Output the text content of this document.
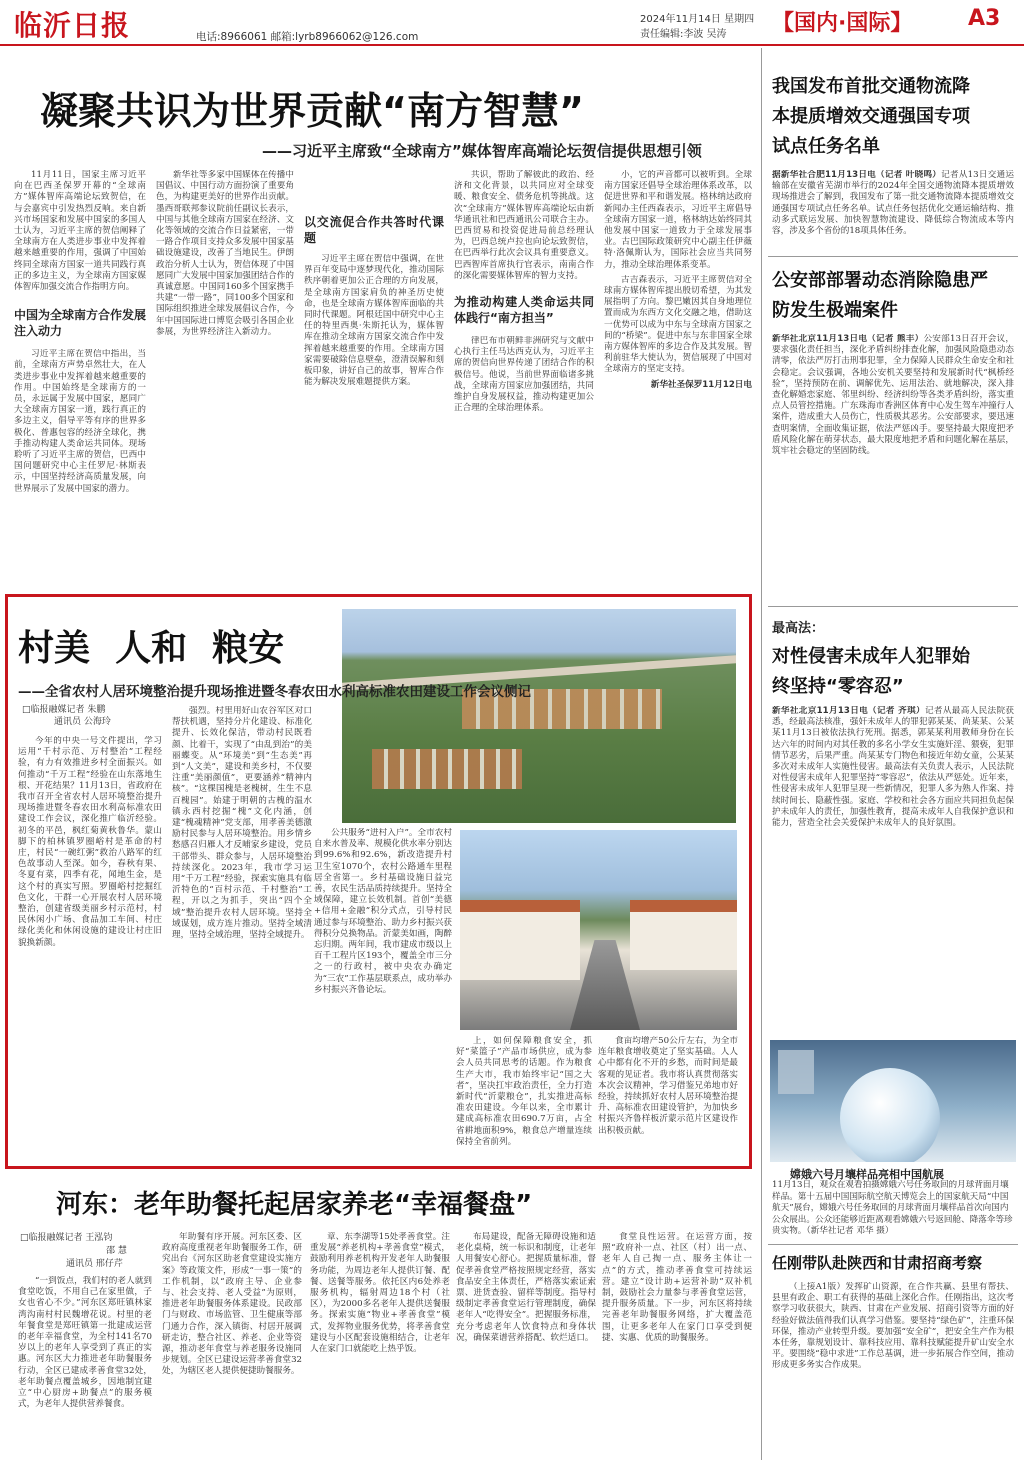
临沂日报	电话:8966061 邮箱:lyrb8966062@126.com
2024年11月14日 星期四
责任编辑:李波 吴涛	【国内·国际】	A3
凝聚共识为世界贡献“南方智慧”
——习近平主席致“全球南方”媒体智库高端论坛贺信提供思想引领
11月11日，国家主席习近平向在巴西圣保罗开幕的“全球南方”媒体智库高端论坛致贺信，在与会嘉宾中引发热烈反响。来自新兴市场国家和发展中国家的多国人士认为，习近平主席的贺信阐释了全球南方在人类进步事业中发挥着越来越重要的作用，强调了中国始终同全球南方国家一道共同践行真正的多边主义，为全球南方国家媒体智库加强交流合作指明方向。
中国为全球南方合作发展注入动力
习近平主席在贺信中指出，当前，全球南方声势卓然壮大，在人类进步事业中发挥着越来越重要的作用。中国始终是全球南方的一员，永远属于发展中国家，愿同广大全球南方国家一道，践行真正的多边主义，倡导平等有序的世界多极化、普惠包容的经济全球化，携手推动构建人类命运共同体。现场聆听了习近平主席的贺信，巴西中国问题研究中心主任罗尼·林斯表示，中国坚持经济高质量发展，向世界展示了发展中国家的潜力。
新华社等多家中国媒体在传播中国倡议、中国行动方面扮演了重要角色，为构建更美好的世界作出贡献。墨西哥联邦参议院前任副议长表示，中国与其他全球南方国家在经济、文化等领域的交流合作日益紧密，一带一路合作项目支持众多发展中国家基础设施建设，改善了当地民生。伊朗政治分析人士认为，贺信体现了中国愿同广大发展中国家加强团结合作的真诚意愿。中国同160多个国家携手共建“一带一路”，同100多个国家和国际组织推进全球发展倡议合作，今年中国国际进口博览会吸引各国企业参展，为世界经济注入新动力。
以交流促合作共答时代课题
习近平主席在贺信中强调，在世界百年变局中逐梦现代化，推动国际秩序朝着更加公正合理的方向发展，是全球南方国家肩负的神圣历史使命，也是全球南方媒体智库面临的共同时代课题。阿根廷国中研究中心主任的特里西奥·朱斯托认为，媒体智库在推动全球南方国家交流合作中发挥着越来越重要的作用。全球南方国家需要破除信息壁垒，澄清误解和刻板印象，讲好自己的故事，智库合作能为解决发展难题提供方案。
共识，帮助了解彼此的政治、经济和文化背景，以共同应对全球变暖、粮食安全、债务危机等挑战。这次“全球南方”媒体智库高端论坛由新华通讯社和巴西通讯公司联合主办。巴西贸易和投资促进局前总经理认为，巴西总统卢拉也向论坛致贺信，在巴西举行此次会议具有重要意义。巴西智库首席执行官表示，南南合作的深化需要媒体智库的智力支持。
为推动构建人类命运共同体践行“南方担当”
律巴布市朝鲜非洲研究与文献中心执行主任马达西克认为，习近平主席的贺信向世界传递了团结合作的积极信号。他说，当前世界面临诸多挑战，全球南方国家应加强团结，共同维护自身发展权益，推动构建更加公正合理的全球治理体系。
小，它的声音都可以被听到。全球南方国家还倡导全球治理体系改革，以促进世界和平和谐发展。格林纳达政府新闻办主任西森表示，习近平主席倡导全球南方国家一道，格林纳达始终同其他发展中国家一道致力于全球发展事业。古巴国际政策研究中心副主任伊薇特·洛佩斯认为，国际社会应当共同努力，推动全球治理体系变革。
古吉森表示，习近平主席贺信对全球南方媒体智库提出殷切希望，为其发展指明了方向。黎巴嫩因其自身地理位置而成为东西方文化交融之地，借助这一优势可以成为中东与全球南方国家之间的“桥梁”。促进中东与东非国家全球南方媒体智库的多边合作及其发展。智利前驻华大使认为，贺信展现了中国对全球南方的坚定支持。
新华社圣保罗11月12日电
我国发布首批交通物流降本提质增效交通强国专项试点任务名单
据新华社合肥11月13日电（记者 叶晓鸣）记者从13日交通运输部在安徽省芜湖市举行的2024年全国交通物流降本提质增效现场推进会了解到，我国发布了第一批交通物流降本提质增效交通强国专项试点任务名单。试点任务包括优化交通运输结构、推动多式联运发展、加快智慧物流建设、降低综合物流成本等内容，涉及多个省份的18项具体任务。
公安部部署动态消除隐患严防发生极端案件
新华社北京11月13日电（记者 熊丰）公安部13日召开会议，要求强化责任担当，深化矛盾纠纷排查化解，加强风险隐患动态清零，依法严厉打击刑事犯罪，全力保障人民群众生命安全和社会稳定。会议强调，各地公安机关要坚持和发展新时代“枫桥经验”，坚持预防在前、调解优先、运用法治、就地解决，深入排查化解婚恋家庭、邻里纠纷、经济纠纷等各类矛盾纠纷，落实重点人员管控措施。广东珠海市香洲区体育中心发生驾车冲撞行人案件，造成重大人员伤亡，性质极其恶劣。公安部要求，要迅速查明案情，全面收集证据，依法严惩凶手。要坚持最大限度把矛盾风险化解在萌芽状态，最大限度地把矛盾和问题化解在基层，筑牢社会稳定的坚固防线。
最高法：
对性侵害未成年人犯罪始终坚持“零容忍”
新华社北京11月13日电（记者 齐琪）记者从最高人民法院获悉，经最高法核准，强奸未成年人的罪犯郭某某、尚某某、公某某11月13日被依法执行死刑。据悉，郭某某利用教师身份在长达六年的时间内对其任教的多名小学女生实施奸淫、猥亵，犯罪情节恶劣，后果严重。尚某某专门物色和接近年幼女童，公某某多次对未成年人实施性侵害。最高法有关负责人表示，人民法院对性侵害未成年人犯罪坚持“零容忍”，依法从严惩处。近年来，性侵害未成年人犯罪呈现一些新情况，犯罪人多为熟人作案、持续时间长、隐蔽性强。家庭、学校和社会各方面应共同担负起保护未成年人的责任，加强性教育，提高未成年人自我保护意识和能力，营造全社会关爱保护未成年人的良好氛围。
嫦娥六号月壤样品亮相中国航展
11月13日，观众在观看拍摄嫦娥六号任务取回的月球背面月壤样品。第十五届中国国际航空航天博览会上的国家航天局“中国航天”展台，嫦娥六号任务取回的月球背面月壤样品首次向国内公众展出。公众还能够近距离观看嫦娥六号返回舱、降落伞等珍贵实物。（新华社记者 邓华 摄）
任刚带队赴陕西和甘肃招商考察
（上接A1版）发挥矿山资源，在合作共赢、县里有帮扶、县里有政企、职工有获得的基础上深化合作。任刚指出，这次考察学习收获很大，陕西、甘肃在产业发展、招商引资等方面的好经验好做法值得我们认真学习借鉴。要坚持“绿色矿”，注重环保环保，推动产业转型升级。要加强“安全矿”，把安全生产作为根本任务，靠规划设计、靠科技应用、靠科技赋能提升矿山安全水平。要围绕“稳中求进”工作总基调，进一步拓展合作空间，推动形成更多务实合作成果。
村美  人和  粮安
——全省农村人居环境整治提升现场推进暨冬春农田水利高标准农田建设工作会议侧记
□临报融媒记者 朱鹏
通讯员 公海玲
今年的中央一号文件提出，学习运用“千村示范、万村整治”工程经验，有力有效推进乡村全面振兴。如何推动“千万工程”经验在山东落地生根、开花结果？11月13日，省政府在我市召开全省农村人居环境整治提升现场推进暨冬春农田水利高标准农田建设工作会议，深化推广临沂经验。初冬的平邑，枫红菊黄秋鲁华。蒙山脚下的柏林镇罗圈峪村是革命的村庄，村民“一碗红粥”救治八路军的红色故事动人至深。如今，春秋有果、冬夏有菜，四季有花，闻地生金，是这个村的真实写照。罗圈峪村挖掘红色文化，干群一心开展农村人居环境整治，创建省级美丽乡村示范村，村民休闲小广场、食品加工车间、村庄绿化美化和休闲设施的建设让村庄旧貌换新颜。
强烈。村里用好山农谷军区对口帮扶机遇，坚持分片化建设、标准化提升、长效化保洁，带动村民既看颜、比着干，实现了“由乱到治”的美丽蝶变。从“环境美”到“生态美”再到“人文美”，建设和美乡村，不仅要注重“美丽颜值”，更要涵养“精神内核”。“这棵国槐是老槐树，生生不息百槐园”。始建于明朝的古槐的温水镇永西村挖掘“槐”文化内涵，创建“槐魂精神”党支部，用孝善美德激励村民参与人居环境整治。用乡情乡愁感召归雁人才反哺家乡建设，党员干部带头、群众参与，人居环境整治持续深化。2023年，我市学习运用“千万工程”经验，探索实施具有临沂特色的“百村示范、千村整治”工程，开以之为抓手，突出“四个全域”整治提升农村人居环境。坚持全域谋划，成方连片推动。坚持全域清理，坚持全域治理，坚持全域提升。
公共服务“进村入户”。全市农村自来水普及率、规模化供水率分别达到99.6%和92.6%，新改造提升村卫生室1070个，农村公路通车里程居全省第一。乡村基础设施日益完善，农民生活品质持续提升。坚持全域保障，建立长效机制。首创“美德+信用+金融”积分式点，引导村民通过参与环境整治、助力乡村振兴获得积分兑换物品。沂蒙美如画，陶醉忘归期。两年间，我市建成市级以上百千工程片区193个，覆盖全市三分之一的行政村，被中央农办确定为“三农”工作基层联系点，成功举办乡村振兴齐鲁论坛。
上，如何保障粮食安全，抓好“菜篮子”产品市场供应，成为参会人员共同思考的话题。作为粮食生产大市，我市始终牢记“国之大者”，坚决扛牢政治责任，全力打造新时代“沂蒙粮仓”，扎实推进高标准农田建设。今年以来，全市累计建成高标准农田690.7万亩，占全省耕地面积9%，粮食总产增量连续保持全省前列。
食亩均增产50公斤左右，为全市连年粮食增收奠定了坚实基础。人人心中都有化不开的乡愁，而时间是最客观的见证者。我市将认真贯彻落实本次会议精神，学习借鉴兄弟地市好经验，持续抓好农村人居环境整治提升、高标准农田建设管护，为加快乡村振兴齐鲁样板沂蒙示范片区建设作出积极贡献。
河东：老年助餐托起居家养老“幸福餐盘”
□临报融媒记者 王泓钧
邵 慧
通讯员 邢仔芹
“一到饭点，我们村的老人就到食堂吃饭，不用自己在家里做，子女也省心不少。”河东区郑旺镇林家湾沟南村村民魏增花说。村里的老年餐食堂是郑旺镇第一批建成运营的老年幸福食堂，为全村141名70岁以上的老年人享受到了真正的实惠。河东区大力推进老年助餐服务行动，全区已建成孝善食堂32处，老年助餐点覆盖城乡，因地制宜建立“中心厨房+助餐点”的服务模式，为老年人提供营养餐食。
年助餐有序开展。河东区委、区政府高度重视老年助餐服务工作，研究出台《河东区助老食堂建设实施方案》等政策文件，形成“一事一策”的工作机制，以“政府主导、企业参与、社会支持、老人受益”为原则，推进老年助餐服务体系建设。民政部门与财政、市场监管、卫生健康等部门通力合作，深入镇街、村居开展调研走访，整合社区、养老、企业等资源，推动老年食堂与养老服务设施同步规划。全区已建设运营孝善食堂32处，为辖区老人提供便捷助餐服务。
章、东李湖等15处孝善食堂。注重发展“养老机构+孝善食堂”模式，鼓励利用养老机构开发老年人助餐服务功能，为周边老年人提供订餐、配餐、送餐等服务。依托区内6处养老服务机构，辐射周边18个村（社区），为2000多名老年人提供送餐服务。探索实施“物业+孝善食堂”模式，发挥物业服务优势，将孝善食堂建设与小区配套设施相结合，让老年人在家门口就能吃上热乎饭。
布局建设，配备无障碍设施和适老化桌椅，统一标识和制度，让老年人用餐安心舒心。把握质量标准，督促孝善食堂严格按照规定经营，落实食品安全主体责任，严格落实索证索票、进货查验、留样等制度。指导村级制定孝善食堂运行管理制度，确保老年人“吃得安全”。把握服务标准，充分考虑老年人饮食特点和身体状况，确保菜谱营养搭配、软烂适口。
食堂良性运营。在运营方面，按照“政府补一点、社区（村）出一点、老年人自己掏一点、服务主体让一点”的方式，推动孝善食堂可持续运营。建立“设计助+运营补助”双补机制，鼓励社会力量参与孝善食堂运营，提升服务质量。下一步，河东区将持续完善老年助餐服务网络，扩大覆盖范围，让更多老年人在家门口享受到便捷、实惠、优质的助餐服务。
